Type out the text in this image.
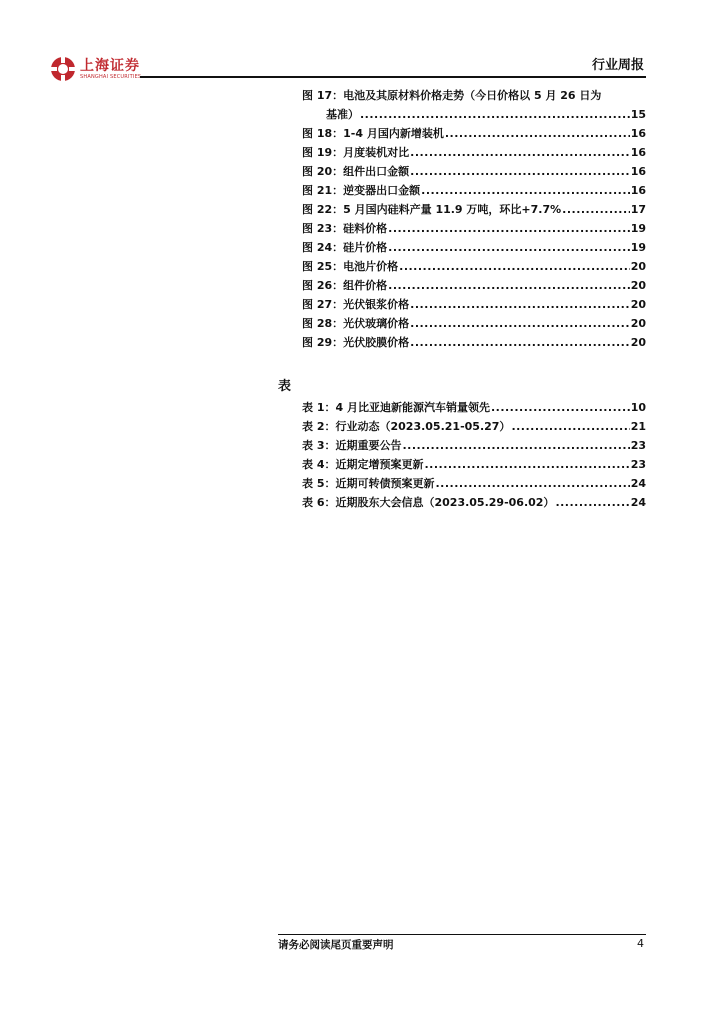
上海证券
SHANGHAI SECURITIES
行业周报
图 17：电池及其原材料价格走势（今日价格以 5 月 26 日为
基准） .....	15
图 18：1-4 月国内新增装机 .....	16
图 19：月度装机对比 .....	16
图 20：组件出口金额 .....	16
图 21：逆变器出口金额 .....	16
图 22：5 月国内硅料产量 11.9 万吨，环比+7.7% .....	17
图 23：硅料价格 .....	19
图 24：硅片价格 .....	19
图 25：电池片价格 .....	20
图 26：组件价格 .....	20
图 27：光伏银浆价格 .....	20
图 28：光伏玻璃价格 .....	20
图 29：光伏胶膜价格 .....	20
表
表 1：4 月比亚迪新能源汽车销量领先 .....	10
表 2：行业动态（2023.05.21-05.27） .....	21
表 3：近期重要公告 .....	23
表 4：近期定增预案更新 .....	23
表 5：近期可转债预案更新 .....	24
表 6：近期股东大会信息（2023.05.29-06.02） .....	24
请务必阅读尾页重要声明	4
